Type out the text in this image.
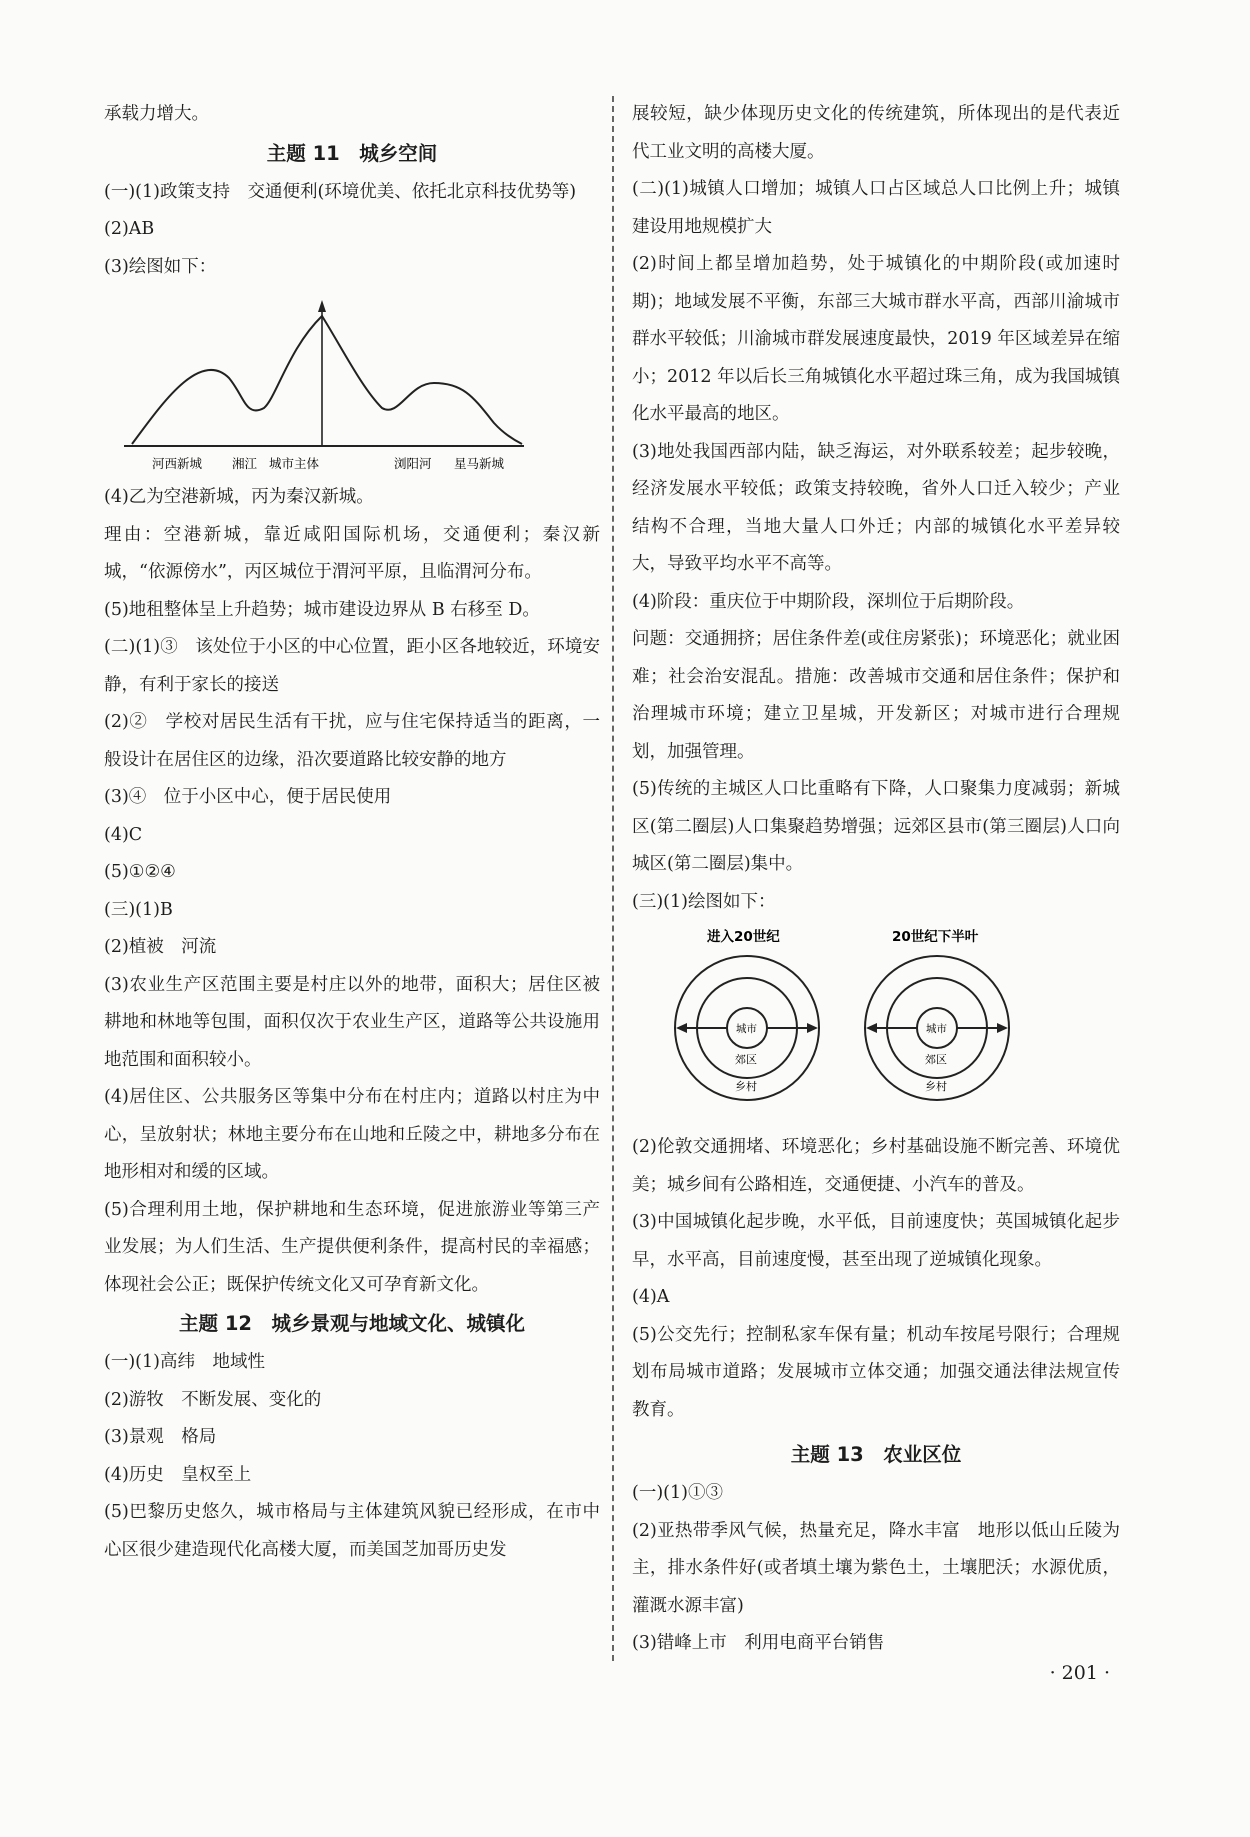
承载力增大。

主题 11　城乡空间

(一)(1)政策支持　交通便利(环境优美、依托北京科技优势等)

(2)AB

(3)绘图如下：

河西新城 湘江 城市主体	浏阳河 星马新城

(4)乙为空港新城，丙为秦汉新城。

理由：空港新城，靠近咸阳国际机场，交通便利；秦汉新城，“依源傍水”，丙区城位于渭河平原，且临渭河分布。

(5)地租整体呈上升趋势；城市建设边界从 B 右移至 D。

(二)(1)③　该处位于小区的中心位置，距小区各地较近，环境安静，有利于家长的接送

(2)②　学校对居民生活有干扰，应与住宅保持适当的距离，一般设计在居住区的边缘，沿次要道路比较安静的地方

(3)④　位于小区中心，便于居民使用

(4)C

(5)①②④

(三)(1)B

(2)植被　河流

(3)农业生产区范围主要是村庄以外的地带，面积大；居住区被耕地和林地等包围，面积仅次于农业生产区，道路等公共设施用地范围和面积较小。

(4)居住区、公共服务区等集中分布在村庄内；道路以村庄为中心，呈放射状；林地主要分布在山地和丘陵之中，耕地多分布在地形相对和缓的区域。

(5)合理利用土地，保护耕地和生态环境，促进旅游业等第三产业发展；为人们生活、生产提供便利条件，提高村民的幸福感；体现社会公正；既保护传统文化又可孕育新文化。

主题 12　城乡景观与地域文化、城镇化

(一)(1)高纬　地域性

(2)游牧　不断发展、变化的

(3)景观　格局

(4)历史　皇权至上

(5)巴黎历史悠久，城市格局与主体建筑风貌已经形成，在市中心区很少建造现代化高楼大厦，而美国芝加哥历史发

展较短，缺少体现历史文化的传统建筑，所体现出的是代表近代工业文明的高楼大厦。

(二)(1)城镇人口增加；城镇人口占区域总人口比例上升；城镇建设用地规模扩大

(2)时间上都呈增加趋势，处于城镇化的中期阶段(或加速时期)；地域发展不平衡，东部三大城市群水平高，西部川渝城市群水平较低；川渝城市群发展速度最快，2019 年区域差异在缩小；2012 年以后长三角城镇化水平超过珠三角，成为我国城镇化水平最高的地区。

(3)地处我国西部内陆，缺乏海运，对外联系较差；起步较晚，经济发展水平较低；政策支持较晚，省外人口迁入较少；产业结构不合理，当地大量人口外迁；内部的城镇化水平差异较大，导致平均水平不高等。

(4)阶段：重庆位于中期阶段，深圳位于后期阶段。

问题：交通拥挤；居住条件差(或住房紧张)；环境恶化；就业困难；社会治安混乱。措施：改善城市交通和居住条件；保护和治理城市环境；建立卫星城，开发新区；对城市进行合理规划，加强管理。

(5)传统的主城区人口比重略有下降，人口聚集力度减弱；新城区(第二圈层)人口集聚趋势增强；远郊区县市(第三圈层)人口向城区(第二圈层)集中。

(三)(1)绘图如下：

进入20世纪
城市
郊区
乡村
20世纪下半叶
城市
郊区
乡村

(2)伦敦交通拥堵、环境恶化；乡村基础设施不断完善、环境优美；城乡间有公路相连，交通便捷、小汽车的普及。

(3)中国城镇化起步晚，水平低，目前速度快；英国城镇化起步早，水平高，目前速度慢，甚至出现了逆城镇化现象。

(4)A

(5)公交先行；控制私家车保有量；机动车按尾号限行；合理规划布局城市道路；发展城市立体交通；加强交通法律法规宣传教育。

主题 13　农业区位

(一)(1)①③

(2)亚热带季风气候，热量充足，降水丰富　地形以低山丘陵为主，排水条件好(或者填土壤为紫色土，土壤肥沃；水源优质，灌溉水源丰富)

(3)错峰上市　利用电商平台销售

· 201 ·
